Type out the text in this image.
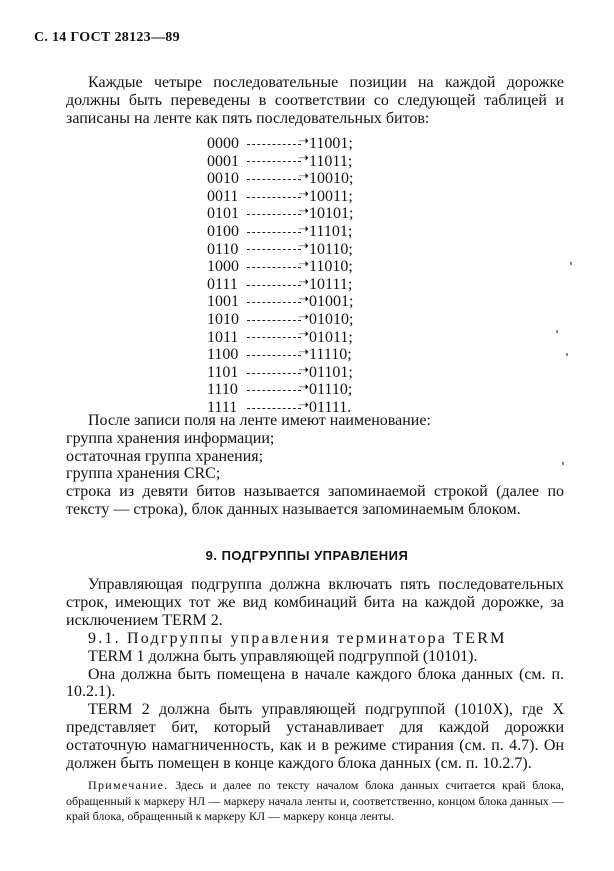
С. 14 ГОСТ 28123—89

Каждые четыре последовательные позиции на каждой дорожке должны быть переведены в соответствии со следующей таблицей и записаны на ленте как пять последовательных битов:

0000	➝ 11001;
0001	➝ 11011;
0010	➝ 10010;
0011	➝ 10011;
0101	➝ 10101;
0100	➝ 11101;
0110	➝ 10110;
1000	➝ 11010;
0111	➝ 10111;
1001	➝ 01001;
1010	➝ 01010;
1011	➝ 01011;
1100	➝ 11110;
1101	➝ 01101;
1110	➝ 01110;
1111	➝ 01111.

После записи поля на ленте имеют наименование:

группа хранения информации;

остаточная группа хранения;

группа хранения CRC;

строка из девяти битов называется запоминаемой строкой (далее по тексту — строка), блок данных называется запоминаемым блоком.

9. ПОДГРУППЫ УПРАВЛЕНИЯ

Управляющая подгруппа должна включать пять последовательных строк, имеющих тот же вид комбинаций бита на каждой дорожке, за исключением TERM 2.

9.1. Подгруппы управления терминатора TERM

TERM 1 должна быть управляющей подгруппой (10101).

Она должна быть помещена в начале каждого блока данных (см. п. 10.2.1).

TERM 2 должна быть управляющей подгруппой (1010X), где X представляет бит, который устанавливает для каждой дорожки остаточную намагниченность, как и в режиме стирания (см. п. 4.7). Он должен быть помещен в конце каждого блока данных (см. п. 10.2.7).

Примечание. Здесь и далее по тексту началом блока данных считается край блока, обращенный к маркеру НЛ — маркеру начала ленты и, соответственно, концом блока данных — край блока, обращенный к маркеру КЛ — маркеру конца ленты.
